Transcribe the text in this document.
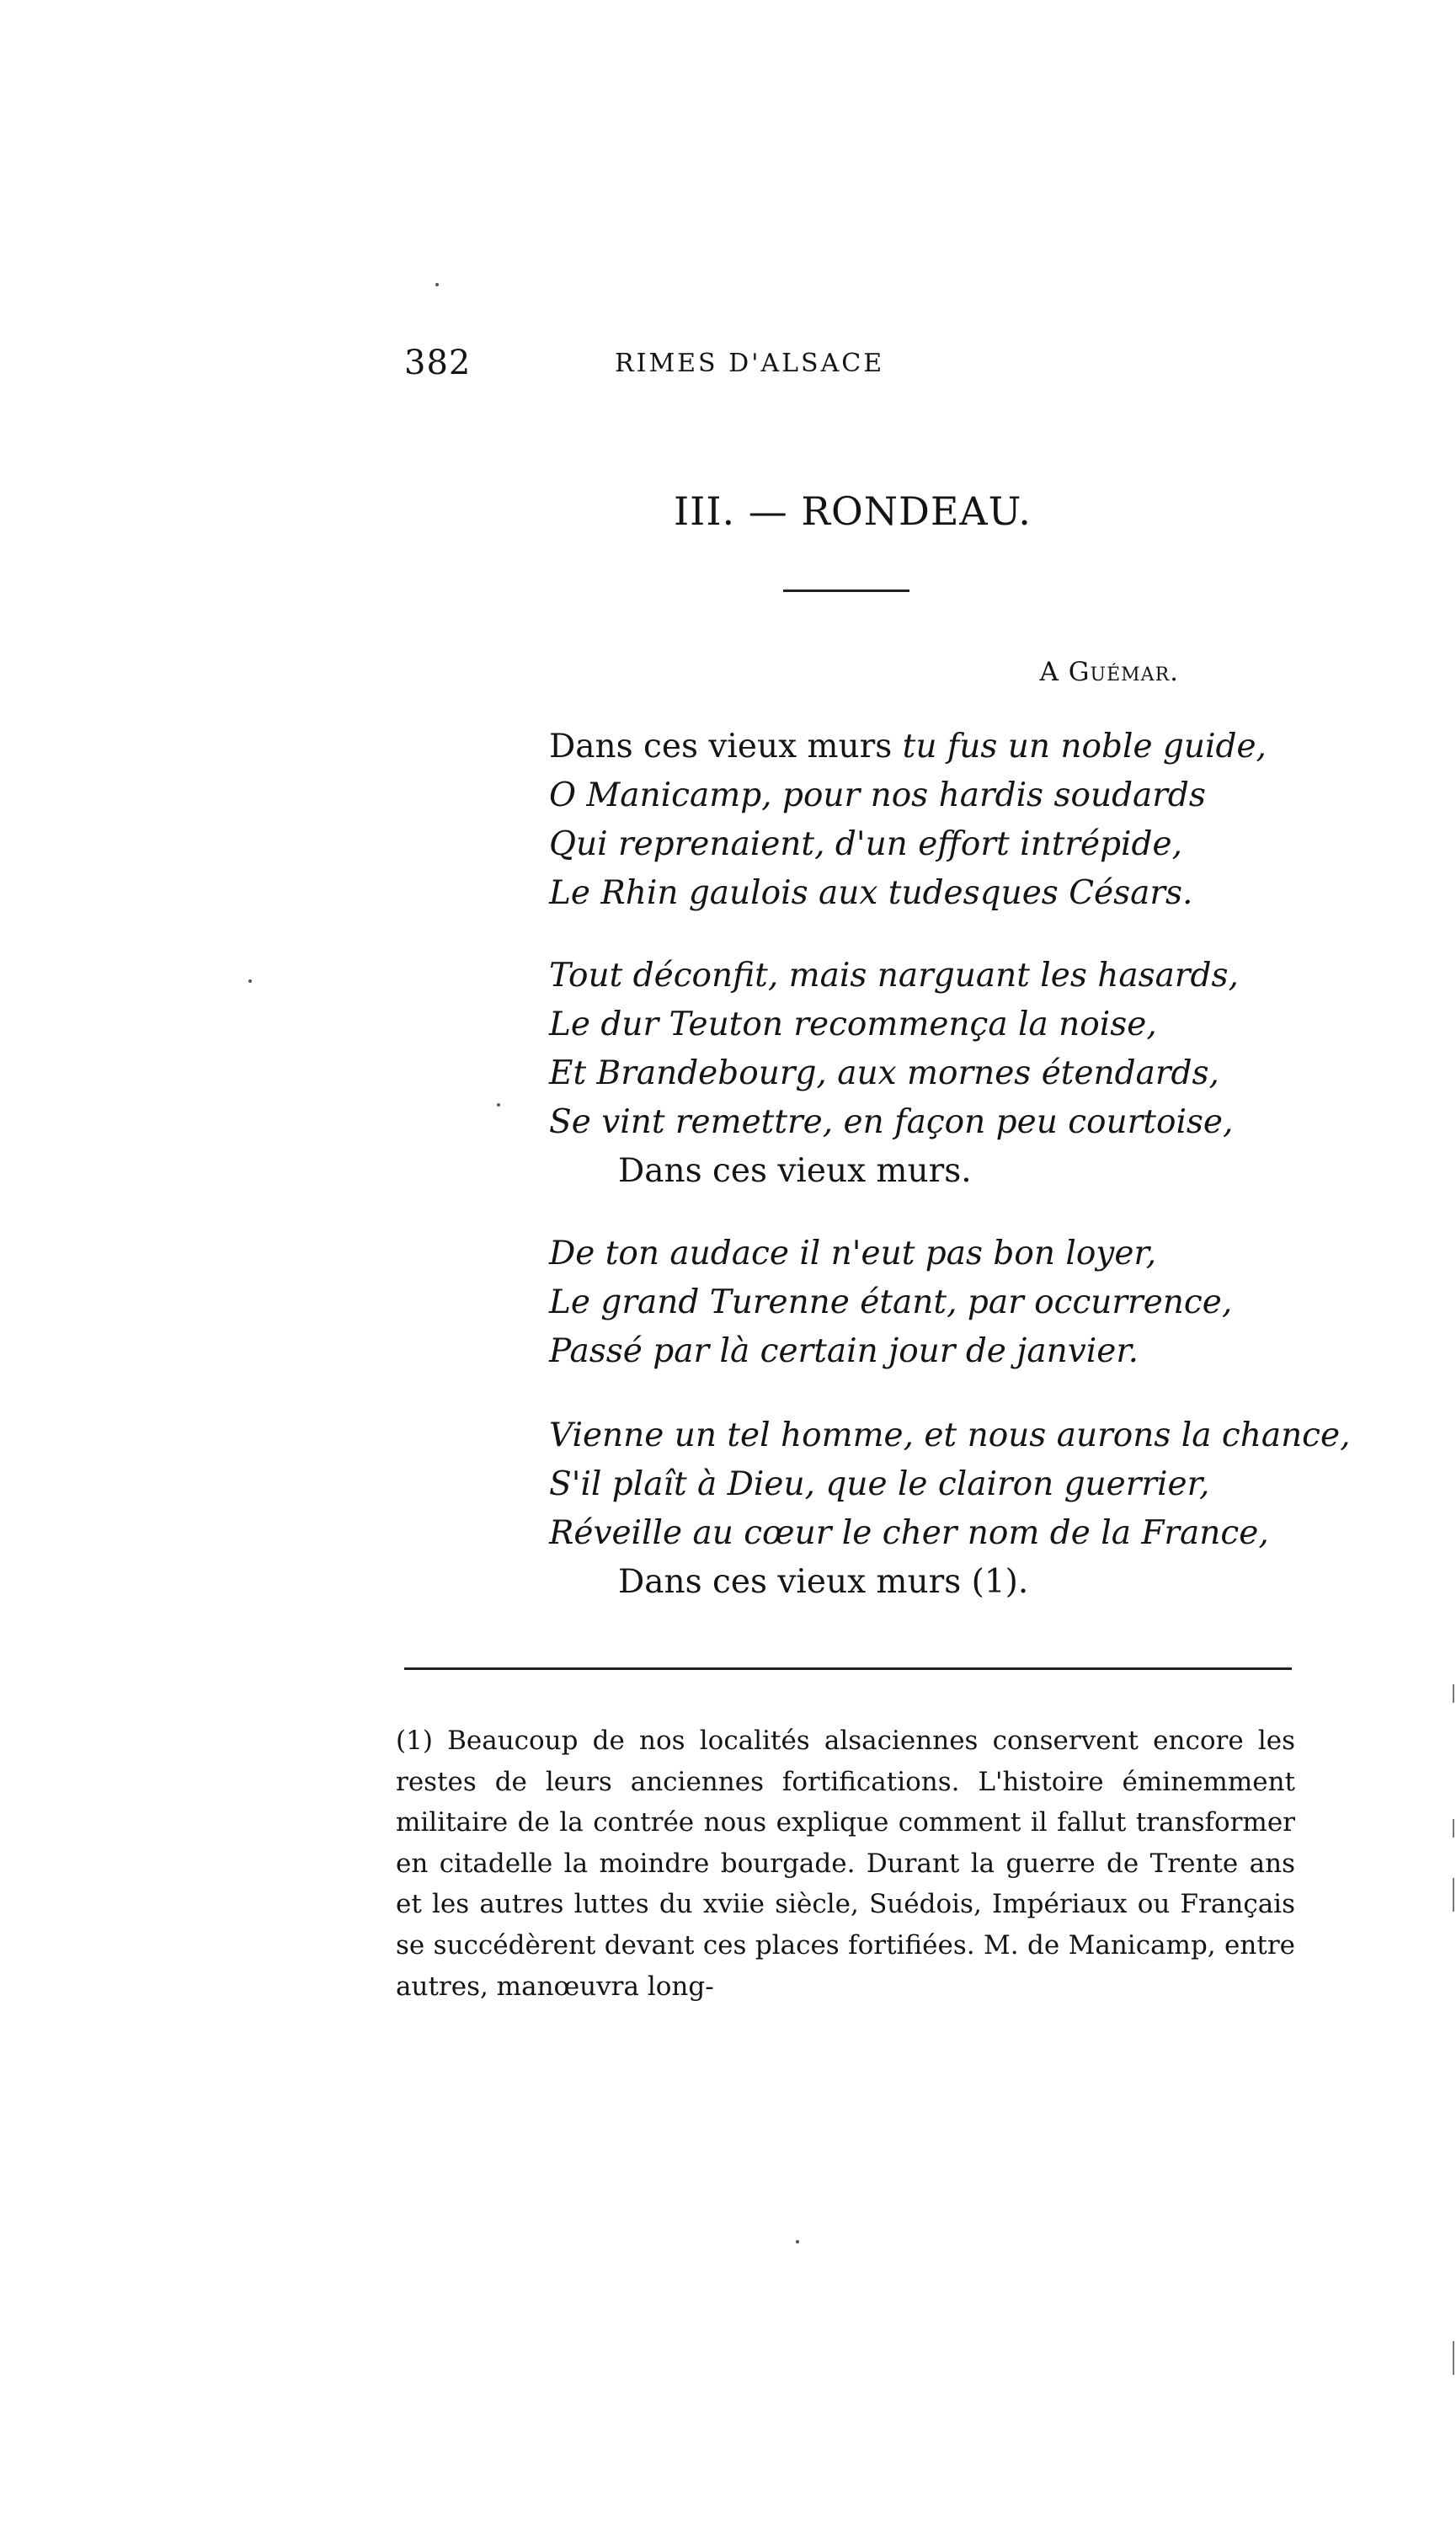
382	RIMES D'ALSACE
III. — RONDEAU.
A Guémar.
Dans ces vieux murs tu fus un noble guide,
O Manicamp, pour nos hardis soudards
Qui reprenaient, d'un effort intrépide,
Le Rhin gaulois aux tudesques Césars.
Tout déconfit, mais narguant les hasards,
Le dur Teuton recommença la noise,
Et Brandebourg, aux mornes étendards,
Se vint remettre, en façon peu courtoise,
Dans ces vieux murs.
De ton audace il n'eut pas bon loyer,
Le grand Turenne étant, par occurrence,
Passé par là certain jour de janvier.
Vienne un tel homme, et nous aurons la chance,
S'il plaît à Dieu, que le clairon guerrier,
Réveille au cœur le cher nom de la France,
Dans ces vieux murs (1).

(1) Beaucoup de nos localités alsaciennes conservent encore les restes de leurs anciennes fortifications. L'histoire éminemment militaire de la contrée nous explique comment il fallut transformer en citadelle la moindre bourgade. Durant la guerre de Trente ans et les autres luttes du xviie siècle, Suédois, Impériaux ou Français se succédèrent devant ces places fortifiées. M. de Manicamp, entre autres, manœuvra long-
